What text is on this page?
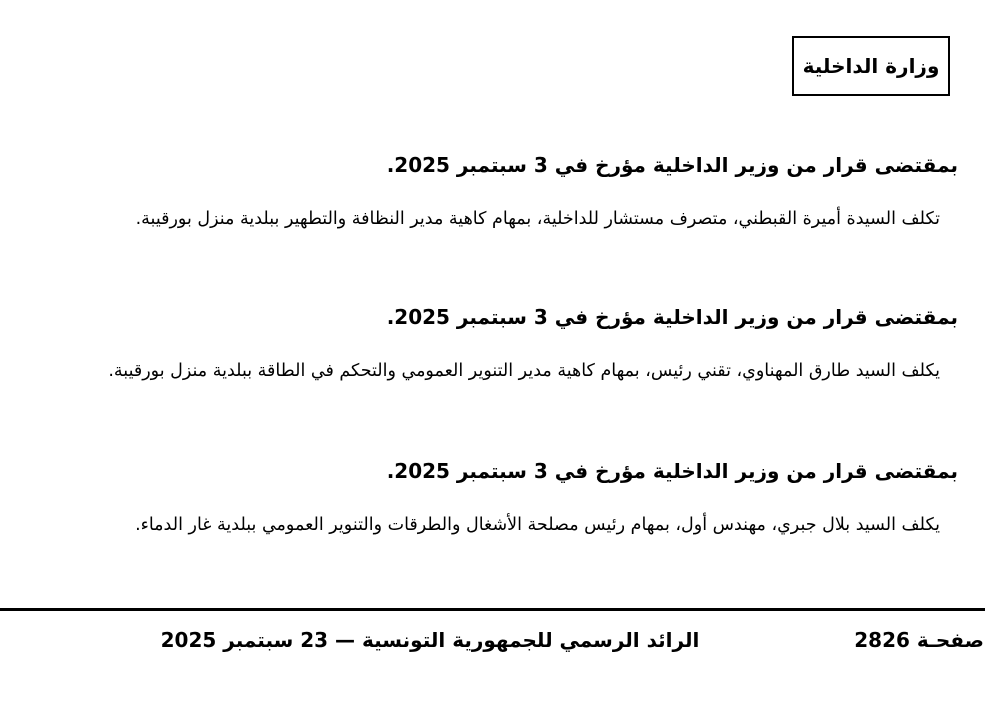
وزارة الداخلية
بمقتضى قرار من وزير الداخلية مؤرخ في 3 سبتمبر 2025.

تكلف السيدة أميرة القبطني، متصرف مستشار للداخلية، بمهام كاهية مدير النظافة والتطهير ببلدية منزل بورقيبة.

بمقتضى قرار من وزير الداخلية مؤرخ في 3 سبتمبر 2025.

يكلف السيد طارق المهناوي، تقني رئيس، بمهام كاهية مدير التنوير العمومي والتحكم في الطاقة ببلدية منزل بورقيبة.

بمقتضى قرار من وزير الداخلية مؤرخ في 3 سبتمبر 2025.

يكلف السيد بلال جبري، مهندس أول، بمهام رئيس مصلحة الأشغال والطرقات والتنوير العمومي ببلدية غار الدماء.

صفحـة 2826
الرائد الرسمي للجمهورية التونسية — 23 سبتمبر 2025
